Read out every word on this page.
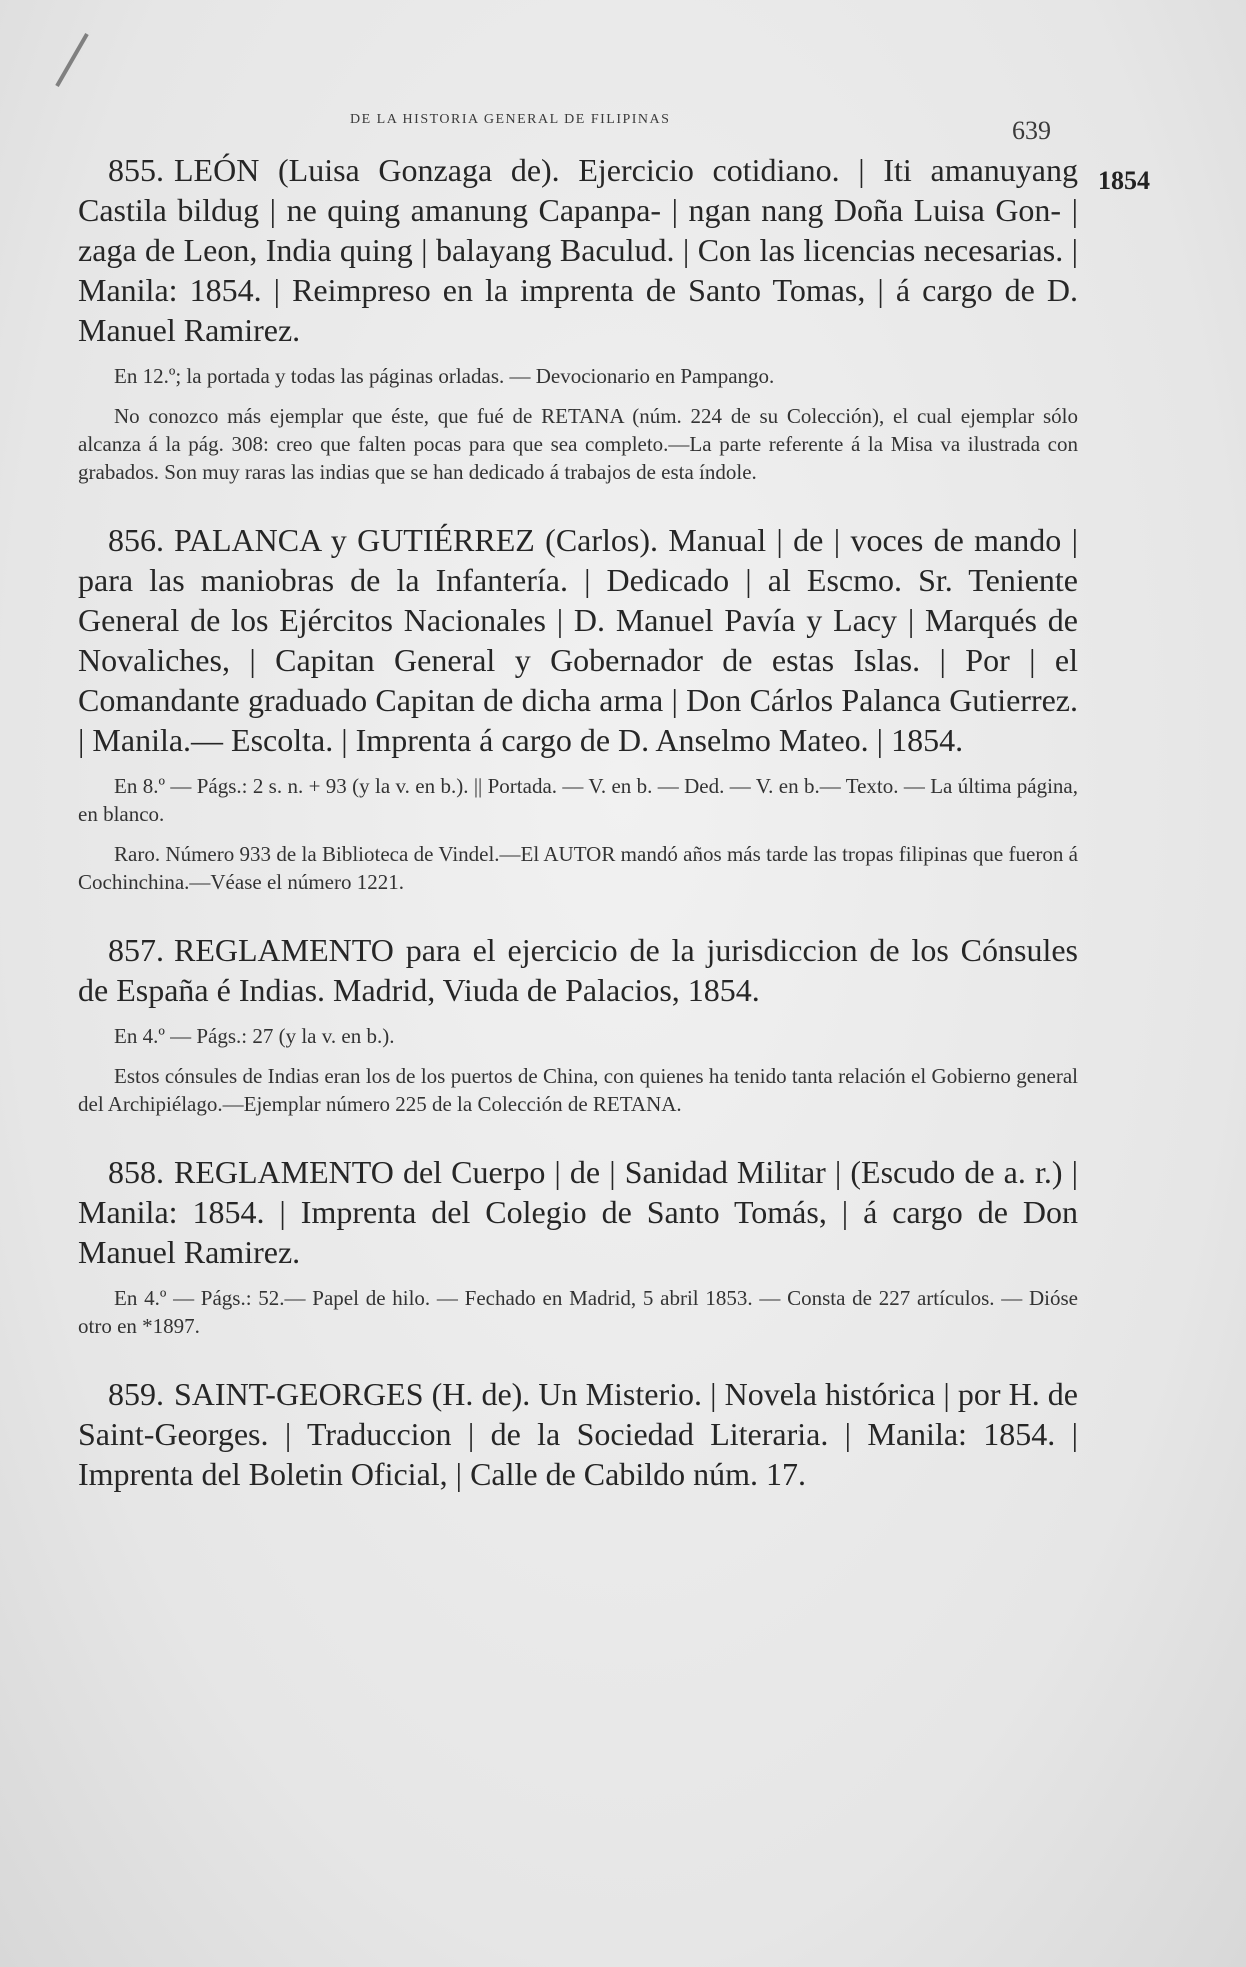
DE LA HISTORIA GENERAL DE FILIPINAS	639
1854

855. LEÓN (Luisa Gonzaga de). Ejercicio cotidiano. | Iti amanuyang Castila bildug | ne quing amanung Capanpa- | ngan nang Doña Luisa Gon- | zaga de Leon, India quing | balayang Baculud. | Con las licencias necesarias. | Manila: 1854. | Reimpreso en la imprenta de Santo Tomas, | á cargo de D. Manuel Ramirez.

En 12.º; la portada y todas las páginas orladas. — Devocionario en Pampango.

No conozco más ejemplar que éste, que fué de RETANA (núm. 224 de su Colección), el cual ejemplar sólo alcanza á la pág. 308: creo que falten pocas para que sea completo.—La parte referente á la Misa va ilustrada con grabados. Son muy raras las indias que se han dedicado á trabajos de esta índole.

856. PALANCA y GUTIÉRREZ (Carlos). Manual | de | voces de mando | para las maniobras de la Infantería. | Dedicado | al Escmo. Sr. Teniente General de los Ejércitos Nacionales | D. Manuel Pavía y Lacy | Marqués de Novaliches, | Capitan General y Gobernador de estas Islas. | Por | el Comandante graduado Capitan de dicha arma | Don Cárlos Palanca Gutierrez. | Manila.— Escolta. | Imprenta á cargo de D. Anselmo Mateo. | 1854.

En 8.º — Págs.: 2 s. n. + 93 (y la v. en b.). || Portada. — V. en b. — Ded. — V. en b.— Texto. — La última página, en blanco.

Raro. Número 933 de la Biblioteca de Vindel.—El AUTOR mandó años más tarde las tropas filipinas que fueron á Cochinchina.—Véase el número 1221.

857. REGLAMENTO para el ejercicio de la jurisdiccion de los Cónsules de España é Indias. Madrid, Viuda de Palacios, 1854.

En 4.º — Págs.: 27 (y la v. en b.).

Estos cónsules de Indias eran los de los puertos de China, con quienes ha tenido tanta relación el Gobierno general del Archipiélago.—Ejemplar número 225 de la Colección de RETANA.

858. REGLAMENTO del Cuerpo | de | Sanidad Militar | (Escudo de a. r.) | Manila: 1854. | Imprenta del Colegio de Santo Tomás, | á cargo de Don Manuel Ramirez.

En 4.º — Págs.: 52.— Papel de hilo. — Fechado en Madrid, 5 abril 1853. — Consta de 227 artículos. — Dióse otro en *1897.

859. SAINT-GEORGES (H. de). Un Misterio. | Novela histórica | por H. de Saint-Georges. | Traduccion | de la Sociedad Literaria. | Manila: 1854. | Imprenta del Boletin Oficial, | Calle de Cabildo núm. 17.
